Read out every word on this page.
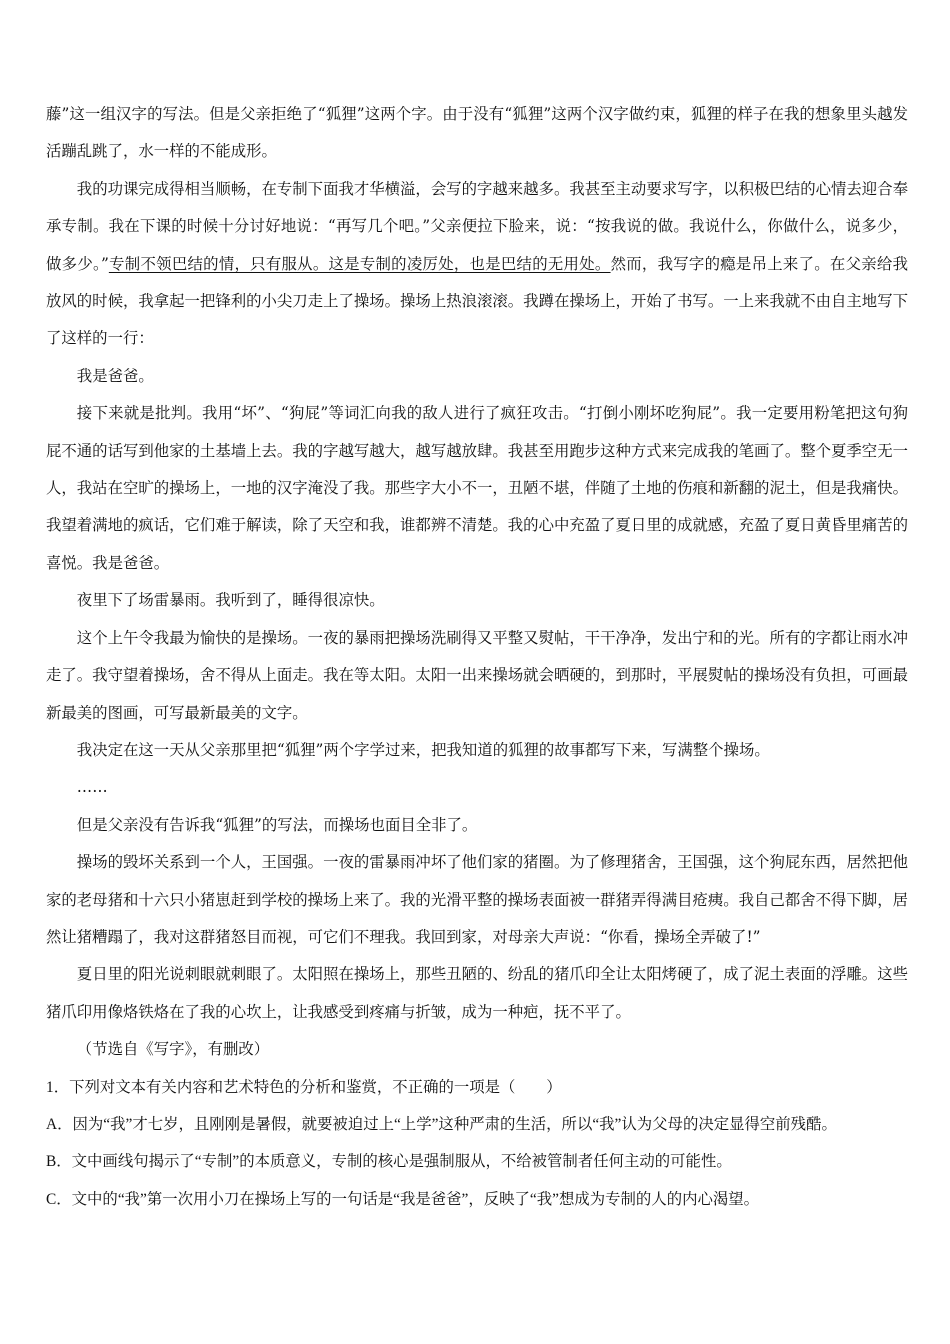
藤”这一组汉字的写法。但是父亲拒绝了“狐狸”这两个字。由于没有“狐狸”这两个汉字做约束，狐狸的样子在我的想象里头越发活蹦乱跳了，水一样的不能成形。

我的功课完成得相当顺畅，在专制下面我才华横溢，会写的字越来越多。我甚至主动要求写字，以积极巴结的心情去迎合奉承专制。我在下课的时候十分讨好地说：“再写几个吧。”父亲便拉下脸来，说：“按我说的做。我说什么，你做什么，说多少，做多少。”专制不领巴结的情，只有服从。这是专制的凌厉处，也是巴结的无用处。然而，我写字的瘾是吊上来了。在父亲给我放风的时候，我拿起一把锋利的小尖刀走上了操场。操场上热浪滚滚。我蹲在操场上，开始了书写。一上来我就不由自主地写下了这样的一行：

我是爸爸。

接下来就是批判。我用“坏”、“狗屁”等词汇向我的敌人进行了疯狂攻击。“打倒小刚坏吃狗屁”。我一定要用粉笔把这句狗屁不通的话写到他家的土基墙上去。我的字越写越大，越写越放肆。我甚至用跑步这种方式来完成我的笔画了。整个夏季空无一人，我站在空旷的操场上，一地的汉字淹没了我。那些字大小不一，丑陋不堪，伴随了土地的伤痕和新翻的泥土，但是我痛快。我望着满地的疯话，它们难于解读，除了天空和我，谁都辨不清楚。我的心中充盈了夏日里的成就感，充盈了夏日黄昏里痛苦的喜悦。我是爸爸。

夜里下了场雷暴雨。我听到了，睡得很凉快。

这个上午令我最为愉快的是操场。一夜的暴雨把操场洗刷得又平整又熨帖，干干净净，发出宁和的光。所有的字都让雨水冲走了。我守望着操场，舍不得从上面走。我在等太阳。太阳一出来操场就会晒硬的，到那时，平展熨帖的操场没有负担，可画最新最美的图画，可写最新最美的文字。

我决定在这一天从父亲那里把“狐狸”两个字学过来，把我知道的狐狸的故事都写下来，写满整个操场。

……

但是父亲没有告诉我“狐狸”的写法，而操场也面目全非了。

操场的毁坏关系到一个人，王国强。一夜的雷暴雨冲坏了他们家的猪圈。为了修理猪舍，王国强，这个狗屁东西，居然把他家的老母猪和十六只小猪崽赶到学校的操场上来了。我的光滑平整的操场表面被一群猪弄得满目疮痍。我自己都舍不得下脚，居然让猪糟蹋了，我对这群猪怒目而视，可它们不理我。我回到家，对母亲大声说：“你看，操场全弄破了!”

夏日里的阳光说刺眼就刺眼了。太阳照在操场上，那些丑陋的、纷乱的猪爪印全让太阳烤硬了，成了泥土表面的浮雕。这些猪爪印用像烙铁烙在了我的心坎上，让我感受到疼痛与折皱，成为一种疤，抚不平了。

（节选自《写字》，有删改）

1．下列对文本有关内容和艺术特色的分析和鉴赏，不正确的一项是（　　）

A．因为“我”才七岁，且刚刚是暑假，就要被迫过上“上学”这种严肃的生活，所以“我”认为父母的决定显得空前残酷。

B．文中画线句揭示了“专制”的本质意义，专制的核心是强制服从，不给被管制者任何主动的可能性。

C．文中的“我”第一次用小刀在操场上写的一句话是“我是爸爸”，反映了“我”想成为专制的人的内心渴望。
